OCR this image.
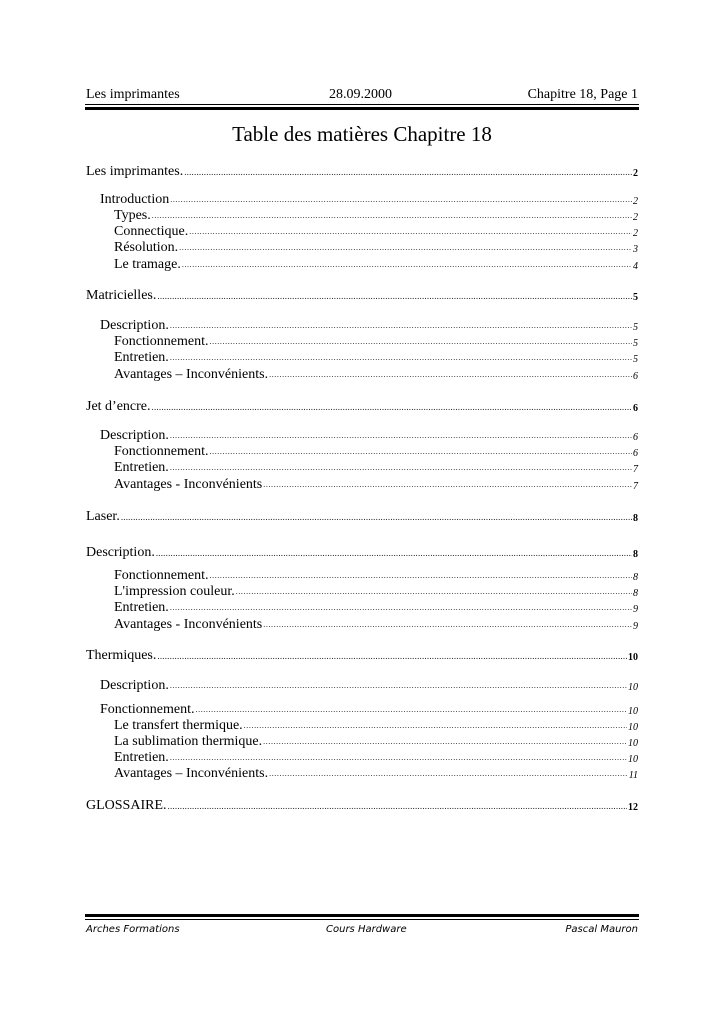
Les imprimantes	28.09.2000	Chapitre 18, Page 1
Table des matières Chapitre 18
Les imprimantes. .....	2
Introduction .....	2
Types. .....	2
Connectique. .....	2
Résolution. .....	3
Le tramage. .....	4
Matricielles. .....	5
Description. .....	5
Fonctionnement. .....	5
Entretien. .....	5
Avantages – Inconvénients. .....	6
Jet d’encre. .....	6
Description. .....	6
Fonctionnement. .....	6
Entretien. .....	7
Avantages - Inconvénients .....	7
Laser. .....	8
Description. .....	8
Fonctionnement. .....	8
L'impression couleur. .....	8
Entretien. .....	9
Avantages - Inconvénients .....	9
Thermiques. .....	10
Description. .....	10
Fonctionnement. .....	10
Le transfert thermique. .....	10
La sublimation thermique. .....	10
Entretien. .....	10
Avantages – Inconvénients. .....	11
GLOSSAIRE. .....	12
Arches Formations	Cours Hardware	Pascal Mauron
